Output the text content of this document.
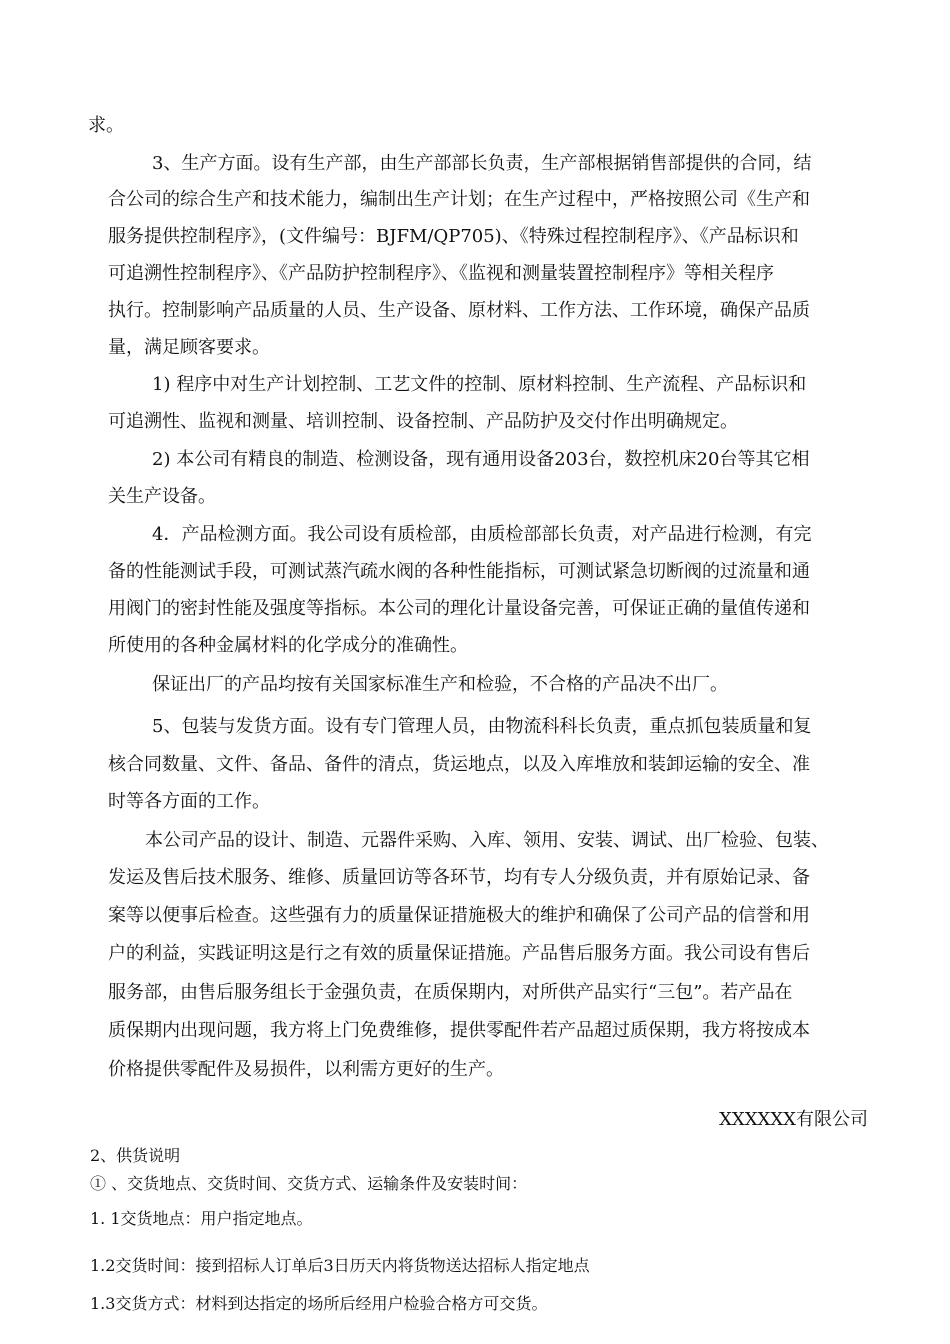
求。
3、生产方面。设有生产部，由生产部部长负责，生产部根据销售部提供的合同，结
合公司的综合生产和技术能力，编制出生产计划；在生产过程中，严格按照公司《生产和
服务提供控制程序》，(文件编号：BJFM/QP705)、《特殊过程控制程序》、《产品标识和
可追溯性控制程序》、《产品防护控制程序》、《监视和测量装置控制程序》等相关程序
执行。控制影响产品质量的人员、生产设备、原材料、工作方法、工作环境，确保产品质
量，满足顾客要求。
1) 程序中对生产计划控制、工艺文件的控制、原材料控制、生产流程、产品标识和
可追溯性、监视和测量、培训控制、设备控制、产品防护及交付作出明确规定。
2) 本公司有精良的制造、检测设备，现有通用设备203台，数控机床20台等其它相
关生产设备。
4．产品检测方面。我公司设有质检部，由质检部部长负责，对产品进行检测，有完
备的性能测试手段，可测试蒸汽疏水阀的各种性能指标，可测试紧急切断阀的过流量和通
用阀门的密封性能及强度等指标。本公司的理化计量设备完善，可保证正确的量值传递和
所使用的各种金属材料的化学成分的准确性。
保证出厂的产品均按有关国家标准生产和检验，不合格的产品决不出厂。
5、包装与发货方面。设有专门管理人员，由物流科科长负责，重点抓包装质量和复
核合同数量、文件、备品、备件的清点，货运地点，以及入库堆放和装卸运输的安全、准
时等各方面的工作。
本公司产品的设计、制造、元器件采购、入库、领用、安装、调试、出厂检验、包装、
发运及售后技术服务、维修、质量回访等各环节，均有专人分级负责，并有原始记录、备
案等以便事后检查。这些强有力的质量保证措施极大的维护和确保了公司产品的信誉和用
户的利益，实践证明这是行之有效的质量保证措施。产品售后服务方面。我公司设有售后
服务部，由售后服务组长于金强负责，在质保期内，对所供产品实行“三包”。若产品在
质保期内出现问题，我方将上门免费维修，提供零配件若产品超过质保期，我方将按成本
价格提供零配件及易损件，以利需方更好的生产。
XXXXXX有限公司
2、供货说明
① 、交货地点、交货时间、交货方式、运输条件及安装时间：
1. 1交货地点：用户指定地点。
1.2交货时间：接到招标人订单后3日历天内将货物送达招标人指定地点
1.3交货方式：材料到达指定的场所后经用户检验合格方可交货。
